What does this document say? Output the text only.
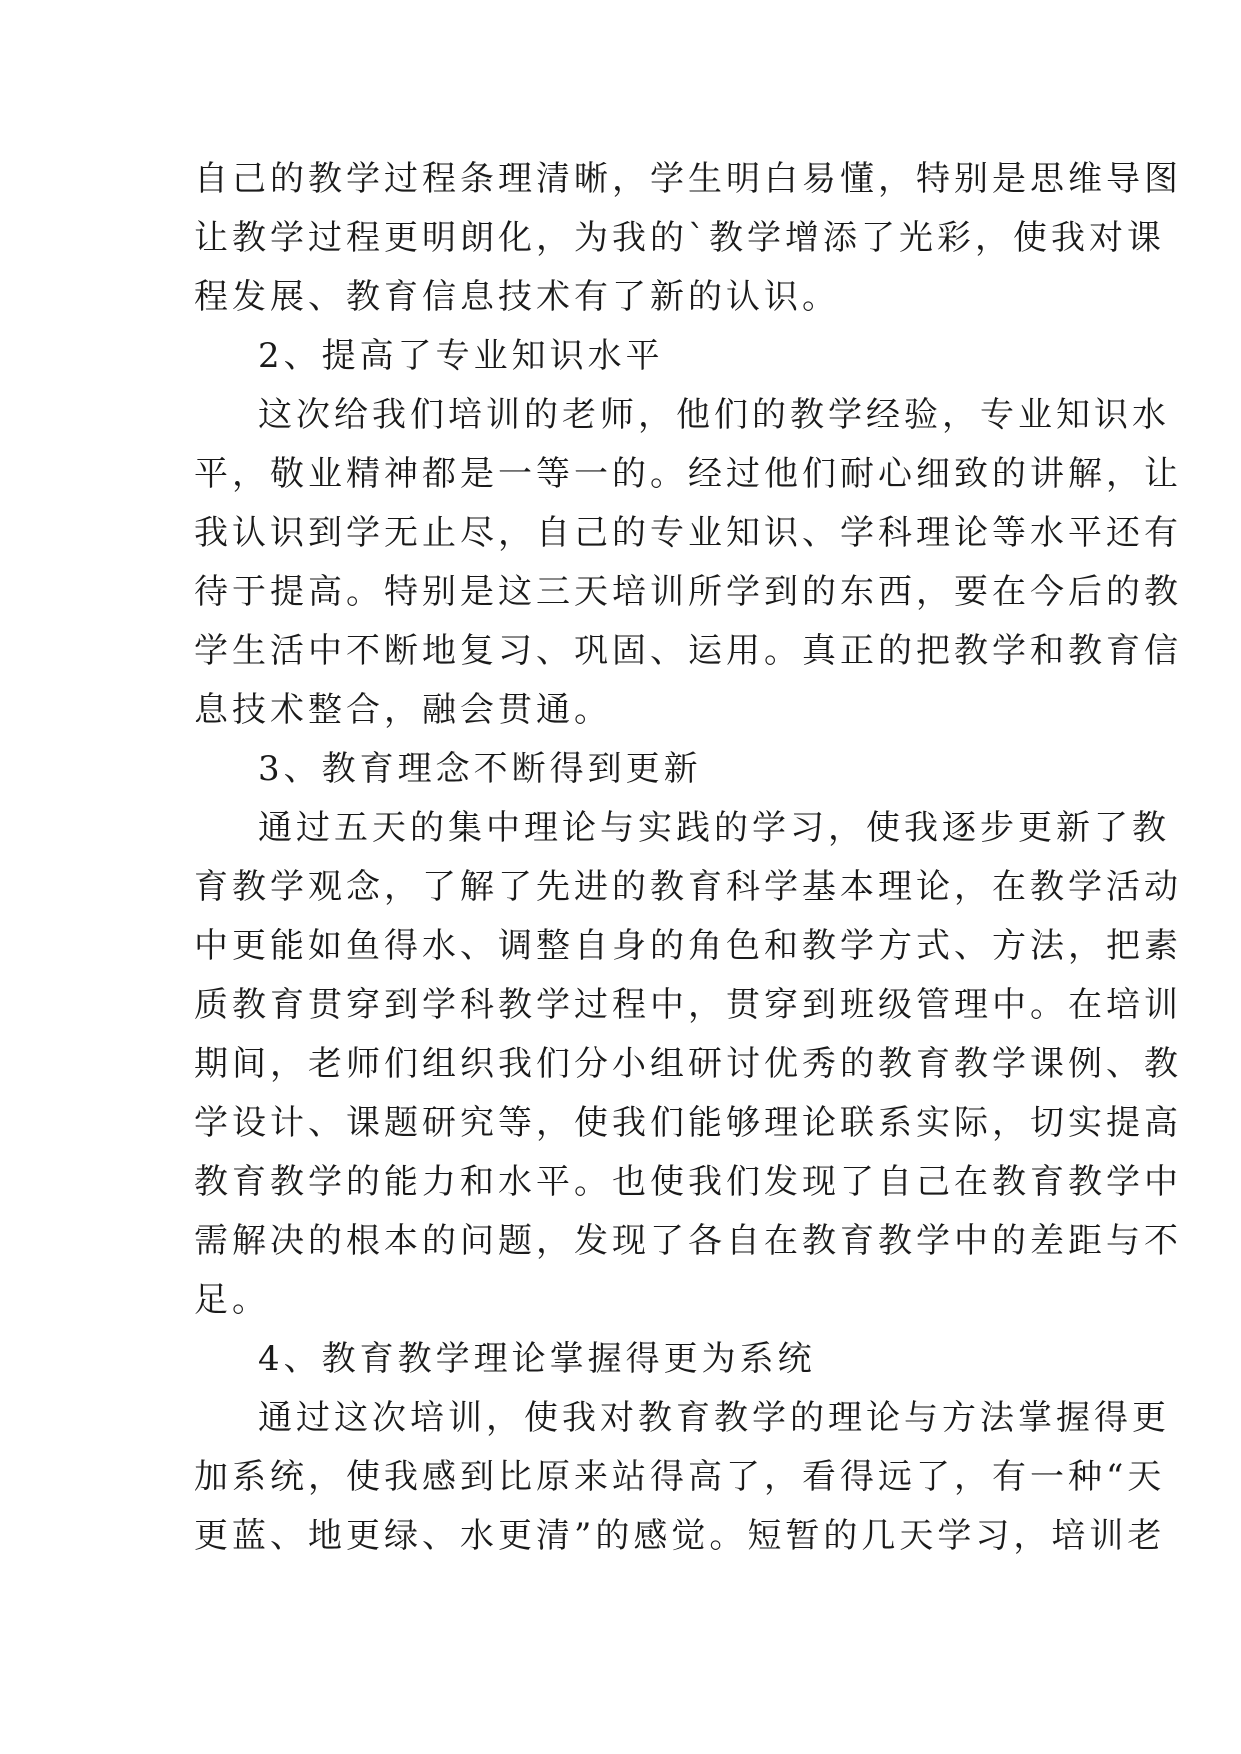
自己的教学过程条理清晰，学生明白易懂，特别是思维导图
让教学过程更明朗化，为我的`教学增添了光彩，使我对课
程发展、教育信息技术有了新的认识。
2、提高了专业知识水平
这次给我们培训的老师，他们的教学经验，专业知识水
平，敬业精神都是一等一的。经过他们耐心细致的讲解，让
我认识到学无止尽，自己的专业知识、学科理论等水平还有
待于提高。特别是这三天培训所学到的东西，要在今后的教
学生活中不断地复习、巩固、运用。真正的把教学和教育信
息技术整合，融会贯通。
3、教育理念不断得到更新
通过五天的集中理论与实践的学习，使我逐步更新了教
育教学观念，了解了先进的教育科学基本理论，在教学活动
中更能如鱼得水、调整自身的角色和教学方式、方法，把素
质教育贯穿到学科教学过程中，贯穿到班级管理中。在培训
期间，老师们组织我们分小组研讨优秀的教育教学课例、教
学设计、课题研究等，使我们能够理论联系实际，切实提高
教育教学的能力和水平。也使我们发现了自己在教育教学中
需解决的根本的问题，发现了各自在教育教学中的差距与不
足。
4、教育教学理论掌握得更为系统
通过这次培训，使我对教育教学的理论与方法掌握得更
加系统，使我感到比原来站得高了，看得远了，有一种“天
更蓝、地更绿、水更清”的感觉。短暂的几天学习，培训老
